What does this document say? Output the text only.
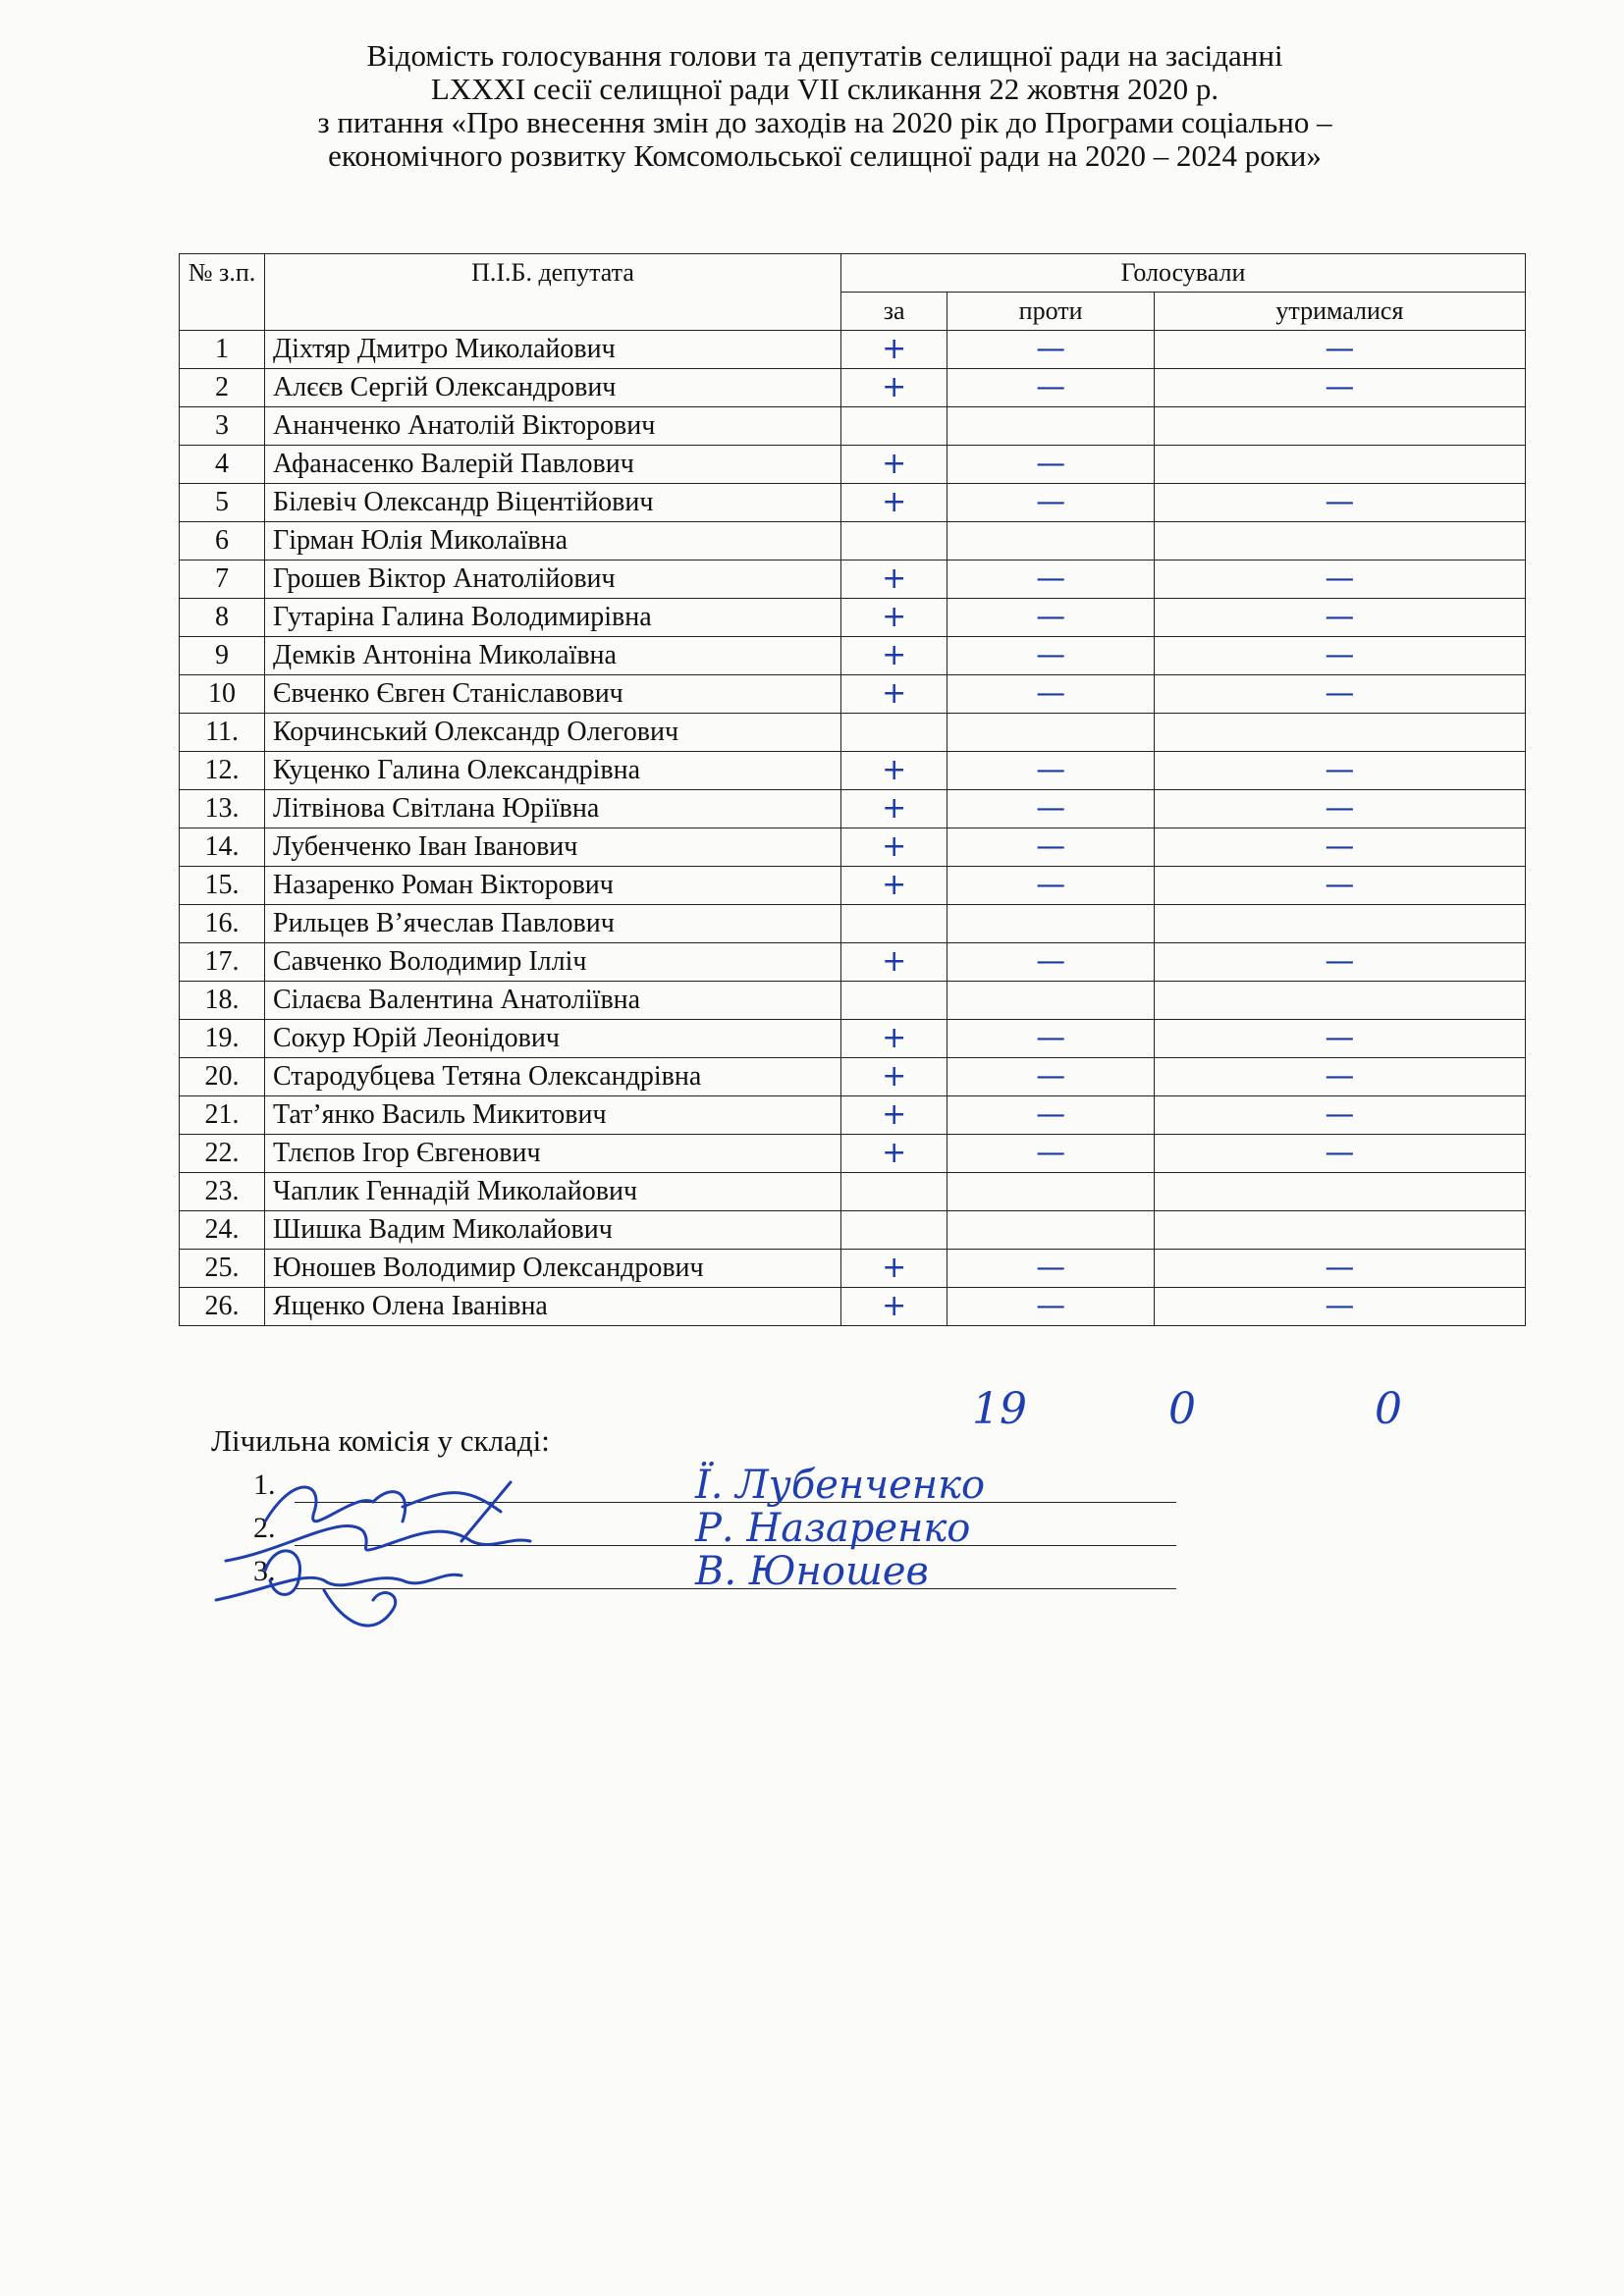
Відомість голосування голови та депутатів селищної ради на засіданні
LXXXI сесії селищної ради VII скликання 22 жовтня 2020 р.
з питання «Про внесення змін до заходів на 2020 рік до Програми соціально –
економічного розвитку Комсомольської селищної ради на 2020 – 2024 роки»
№ з.п.	П.І.Б. депутата	Голосували		
		за	проти	утрималися
1	Діхтяр Дмитро Миколайович	+	—	—
2	Алєєв Сергій Олександрович	+	—	—
3	Ананченко Анатолій Вікторович	

4	Афанасенко Валерій Павлович	+	—	
5	Білевіч Олександр Віцентійович	+	—	—
6	Гірман Юлія Миколаївна	

7	Грошев Віктор Анатолійович	+	—	—
8	Гутаріна Галина Володимирівна	+	—	—
9	Демків Антоніна Миколаївна	+	—	—
10	Євченко Євген Станіславович	+	—	—
11.	Корчинський Олександр Олегович	

12.	Куценко Галина Олександрівна	+	—	—
13.	Літвінова Світлана Юріївна	+	—	—
14.	Лубенченко Іван Іванович	+	—	—
15.	Назаренко Роман Вікторович	+	—	—
16.	Рильцев В’ячеслав Павлович	

17.	Савченко Володимир Ілліч	+	—	—
18.	Сілаєва Валентина Анатоліївна	

19.	Сокур Юрій Леонідович	+	—	—
20.	Стародубцева Тетяна Олександрівна	+	—	—
21.	Тат’янко Василь Микитович	+	—	—
22.	Тлєпов Ігор Євгенович	+	—	—
23.	Чаплик Геннадій Миколайович	

24.	Шишка Вадим Миколайович	

25.	Юношев Володимир Олександрович	+	—	—
26.	Ященко Олена Іванівна	+	—	—
19	0	0
Лічильна комісія у складі:
1.	Ї. Лубенченко
2.	Р. Назаренко
3.	В. Юношев
